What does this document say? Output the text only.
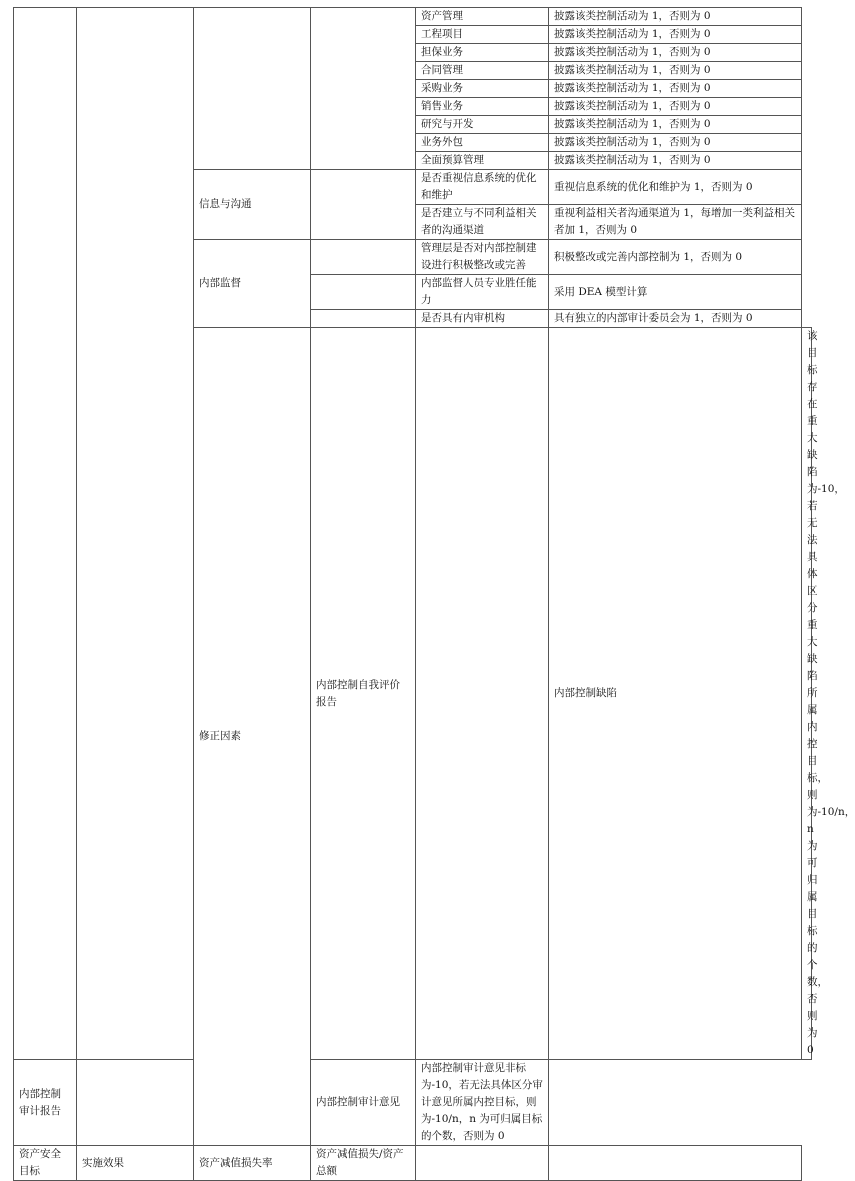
				资产管理	披露该类控制活动为 1，否则为 0	
				工程项目	披露该类控制活动为 1，否则为 0	
				担保业务	披露该类控制活动为 1，否则为 0	
				合同管理	披露该类控制活动为 1，否则为 0	
				采购业务	披露该类控制活动为 1，否则为 0	
				销售业务	披露该类控制活动为 1，否则为 0	
				研究与开发	披露该类控制活动为 1，否则为 0	
				业务外包	披露该类控制活动为 1，否则为 0	
				全面预算管理	披露该类控制活动为 1，否则为 0	
		信息与沟通		是否重视信息系统的优化和维护	重视信息系统的优化和维护为 1，否则为 0	
				是否建立与不同利益相关者的沟通渠道	重视利益相关者沟通渠道为 1，每增加一类利益相关者加 1，否则为 0	
		内部监督		管理层是否对内部控制建设进行积极整改或完善	积极整改或完善内部控制为 1，否则为 0	
				内部监督人员专业胜任能力	采用 DEA 模型计算	
				是否具有内审机构	具有独立的内部审计委员会为 1，否则为 0	
		修正因素	内部控制自我评价报告		内部控制缺陷	该目标存在重大缺陷为-10，若无法具体区分重大缺陷所属内控目标，则为-10/n，n 为可归属目标的个数，否则为 0
内部控制审计报告			内部控制审计意见	内部控制审计意见非标为-10，若无法具体区分审计意见所属内控目标，则为-10/n，n 为可归属目标的个数，否则为 0		
资产安全目标	实施效果	资产减值损失率	资产减值损失/资产总额			
